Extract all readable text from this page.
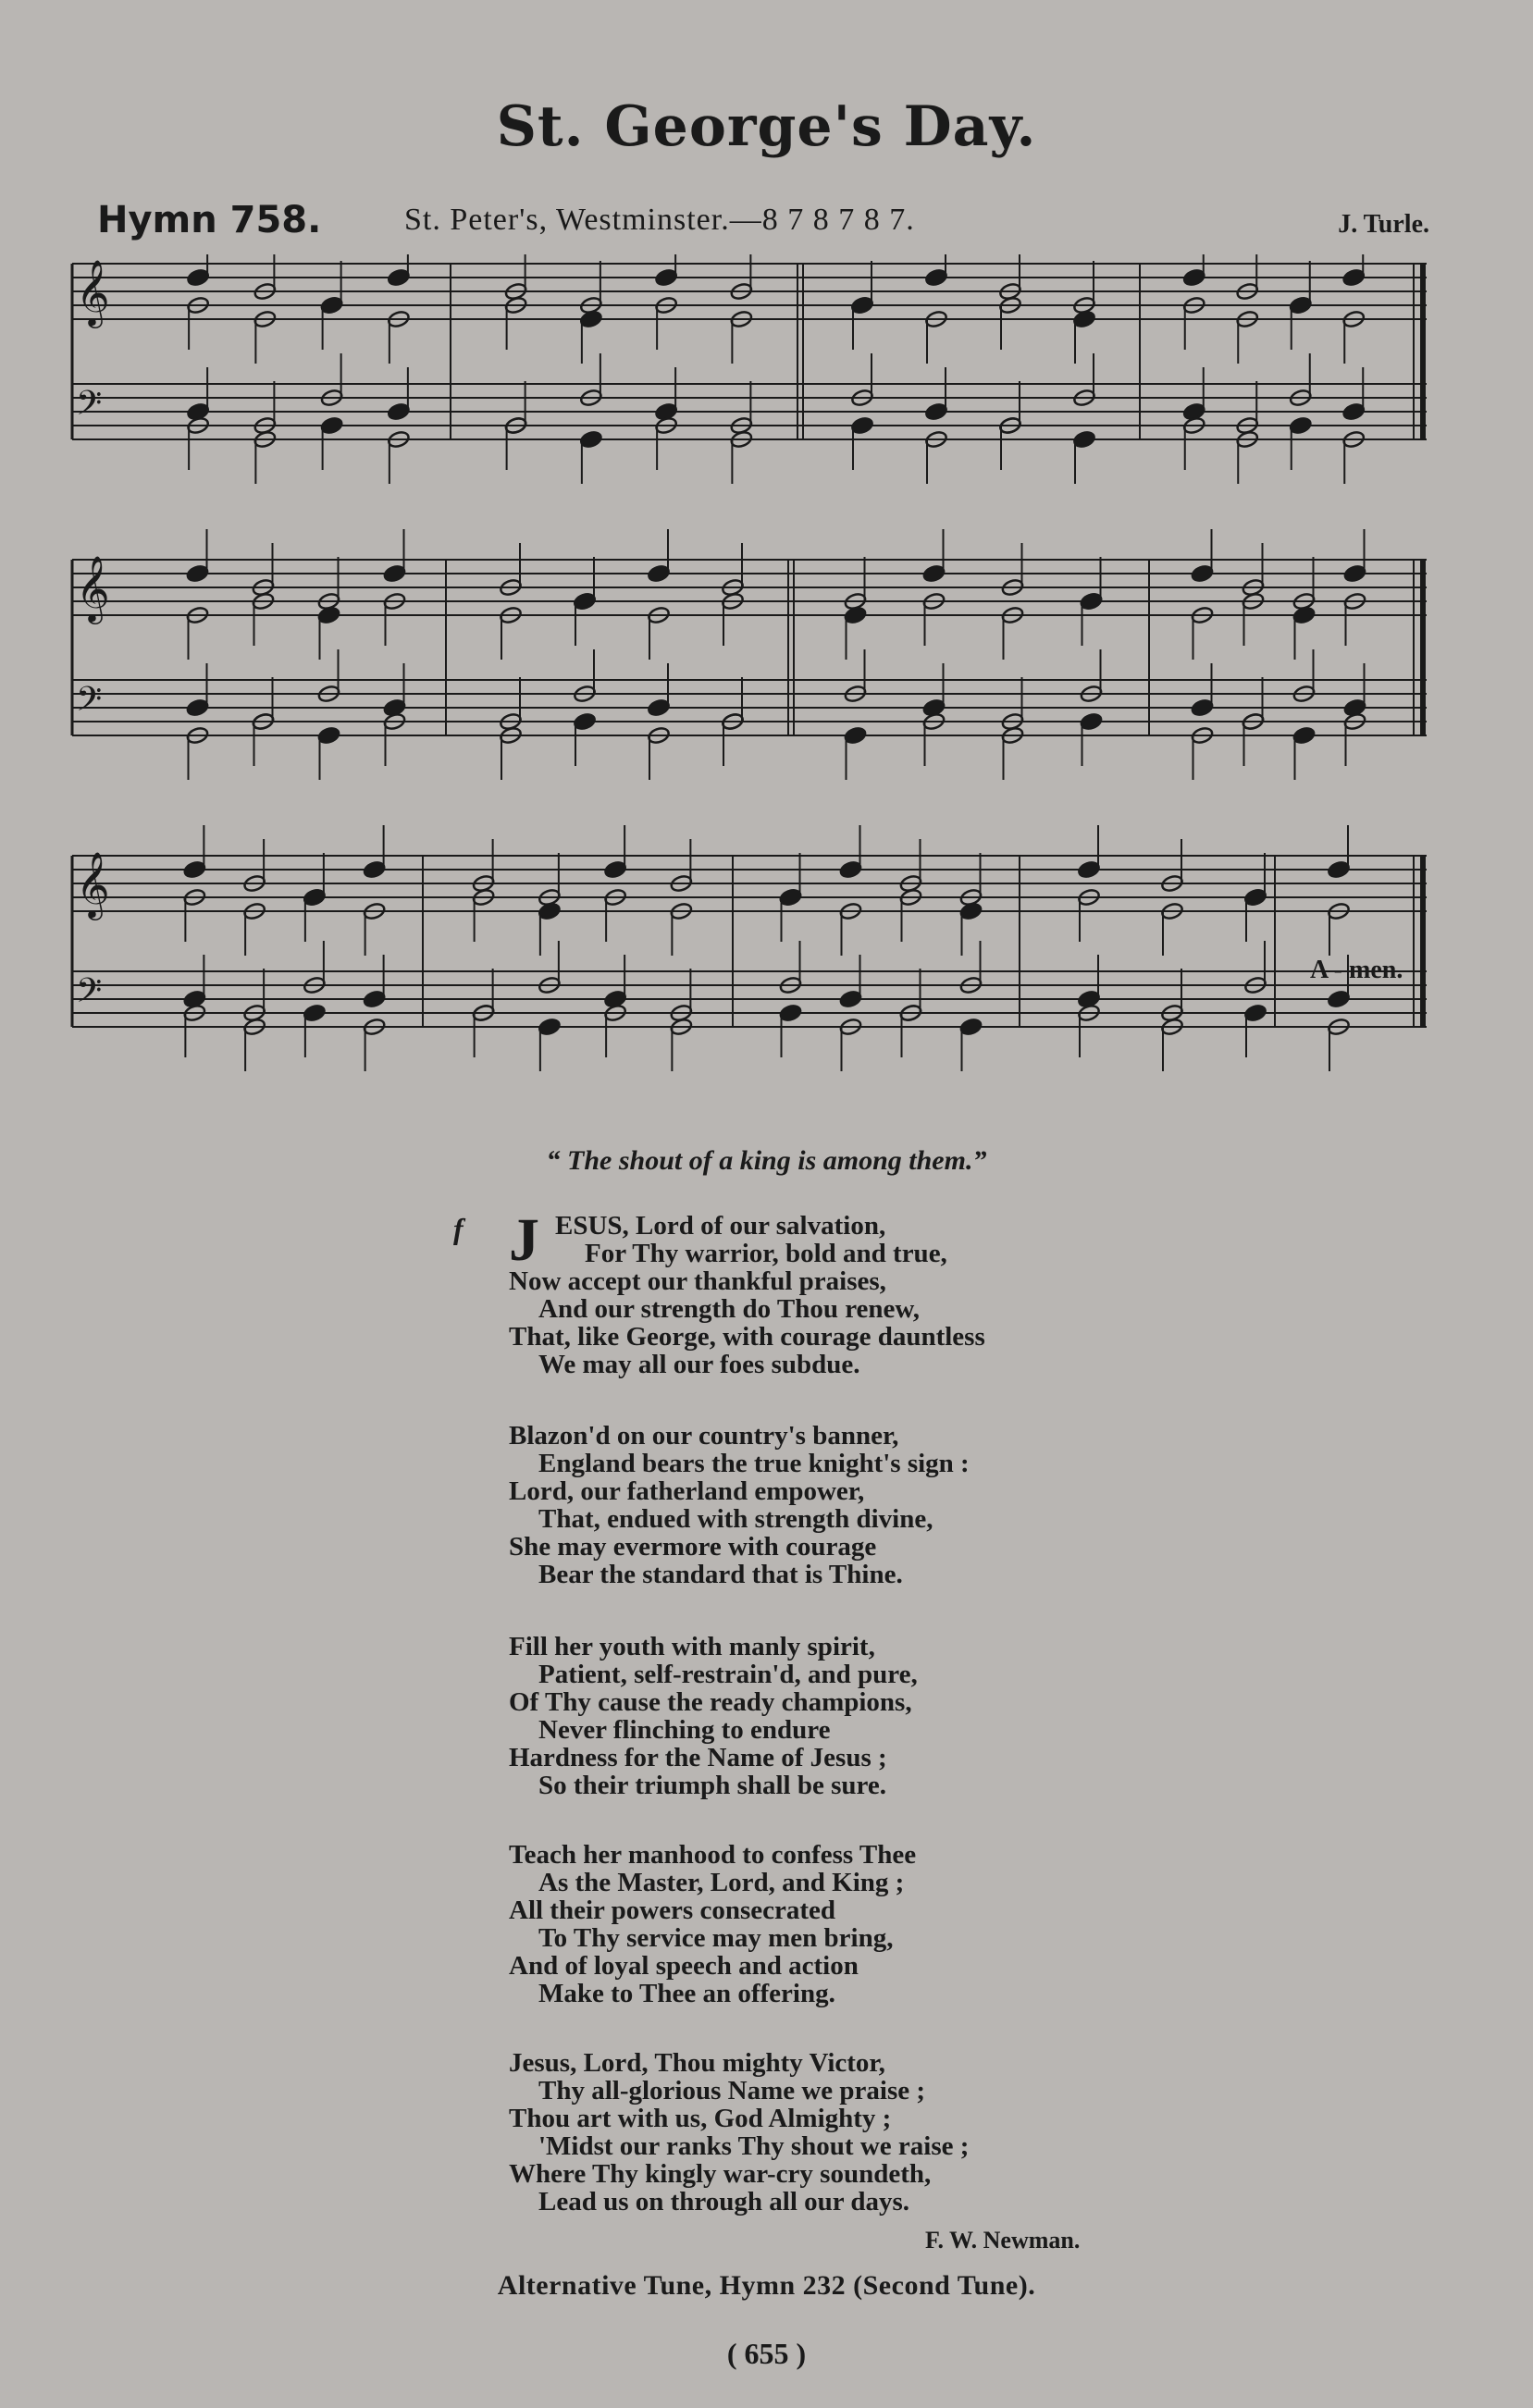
St. George's Day.
Hymn 758.	St. Peter's, Westminster.—8 7 8 7 8 7.	J. Turle.
𝄞
𝄢
𝄞
𝄢
𝄞
𝄢
A - men.
“ The shout of a king is among them.”
f J ESUS, Lord of our salvation,
For Thy warrior, bold and true,
Now accept our thankful praises,
And our strength do Thou renew,
That, like George, with courage dauntless
We may all our foes subdue.
Blazon'd on our country's banner,
England bears the true knight's sign :
Lord, our fatherland empower,
That, endued with strength divine,
She may evermore with courage
Bear the standard that is Thine.
Fill her youth with manly spirit,
Patient, self-restrain'd, and pure,
Of Thy cause the ready champions,
Never flinching to endure
Hardness for the Name of Jesus ;
So their triumph shall be sure.
Teach her manhood to confess Thee
As the Master, Lord, and King ;
All their powers consecrated
To Thy service may men bring,
And of loyal speech and action
Make to Thee an offering.
Jesus, Lord, Thou mighty Victor,
Thy all-glorious Name we praise ;
Thou art with us, God Almighty ;
'Midst our ranks Thy shout we raise ;
Where Thy kingly war-cry soundeth,
Lead us on through all our days.
F. W. Newman.
Alternative Tune, Hymn 232 (Second Tune).
( 655 )
